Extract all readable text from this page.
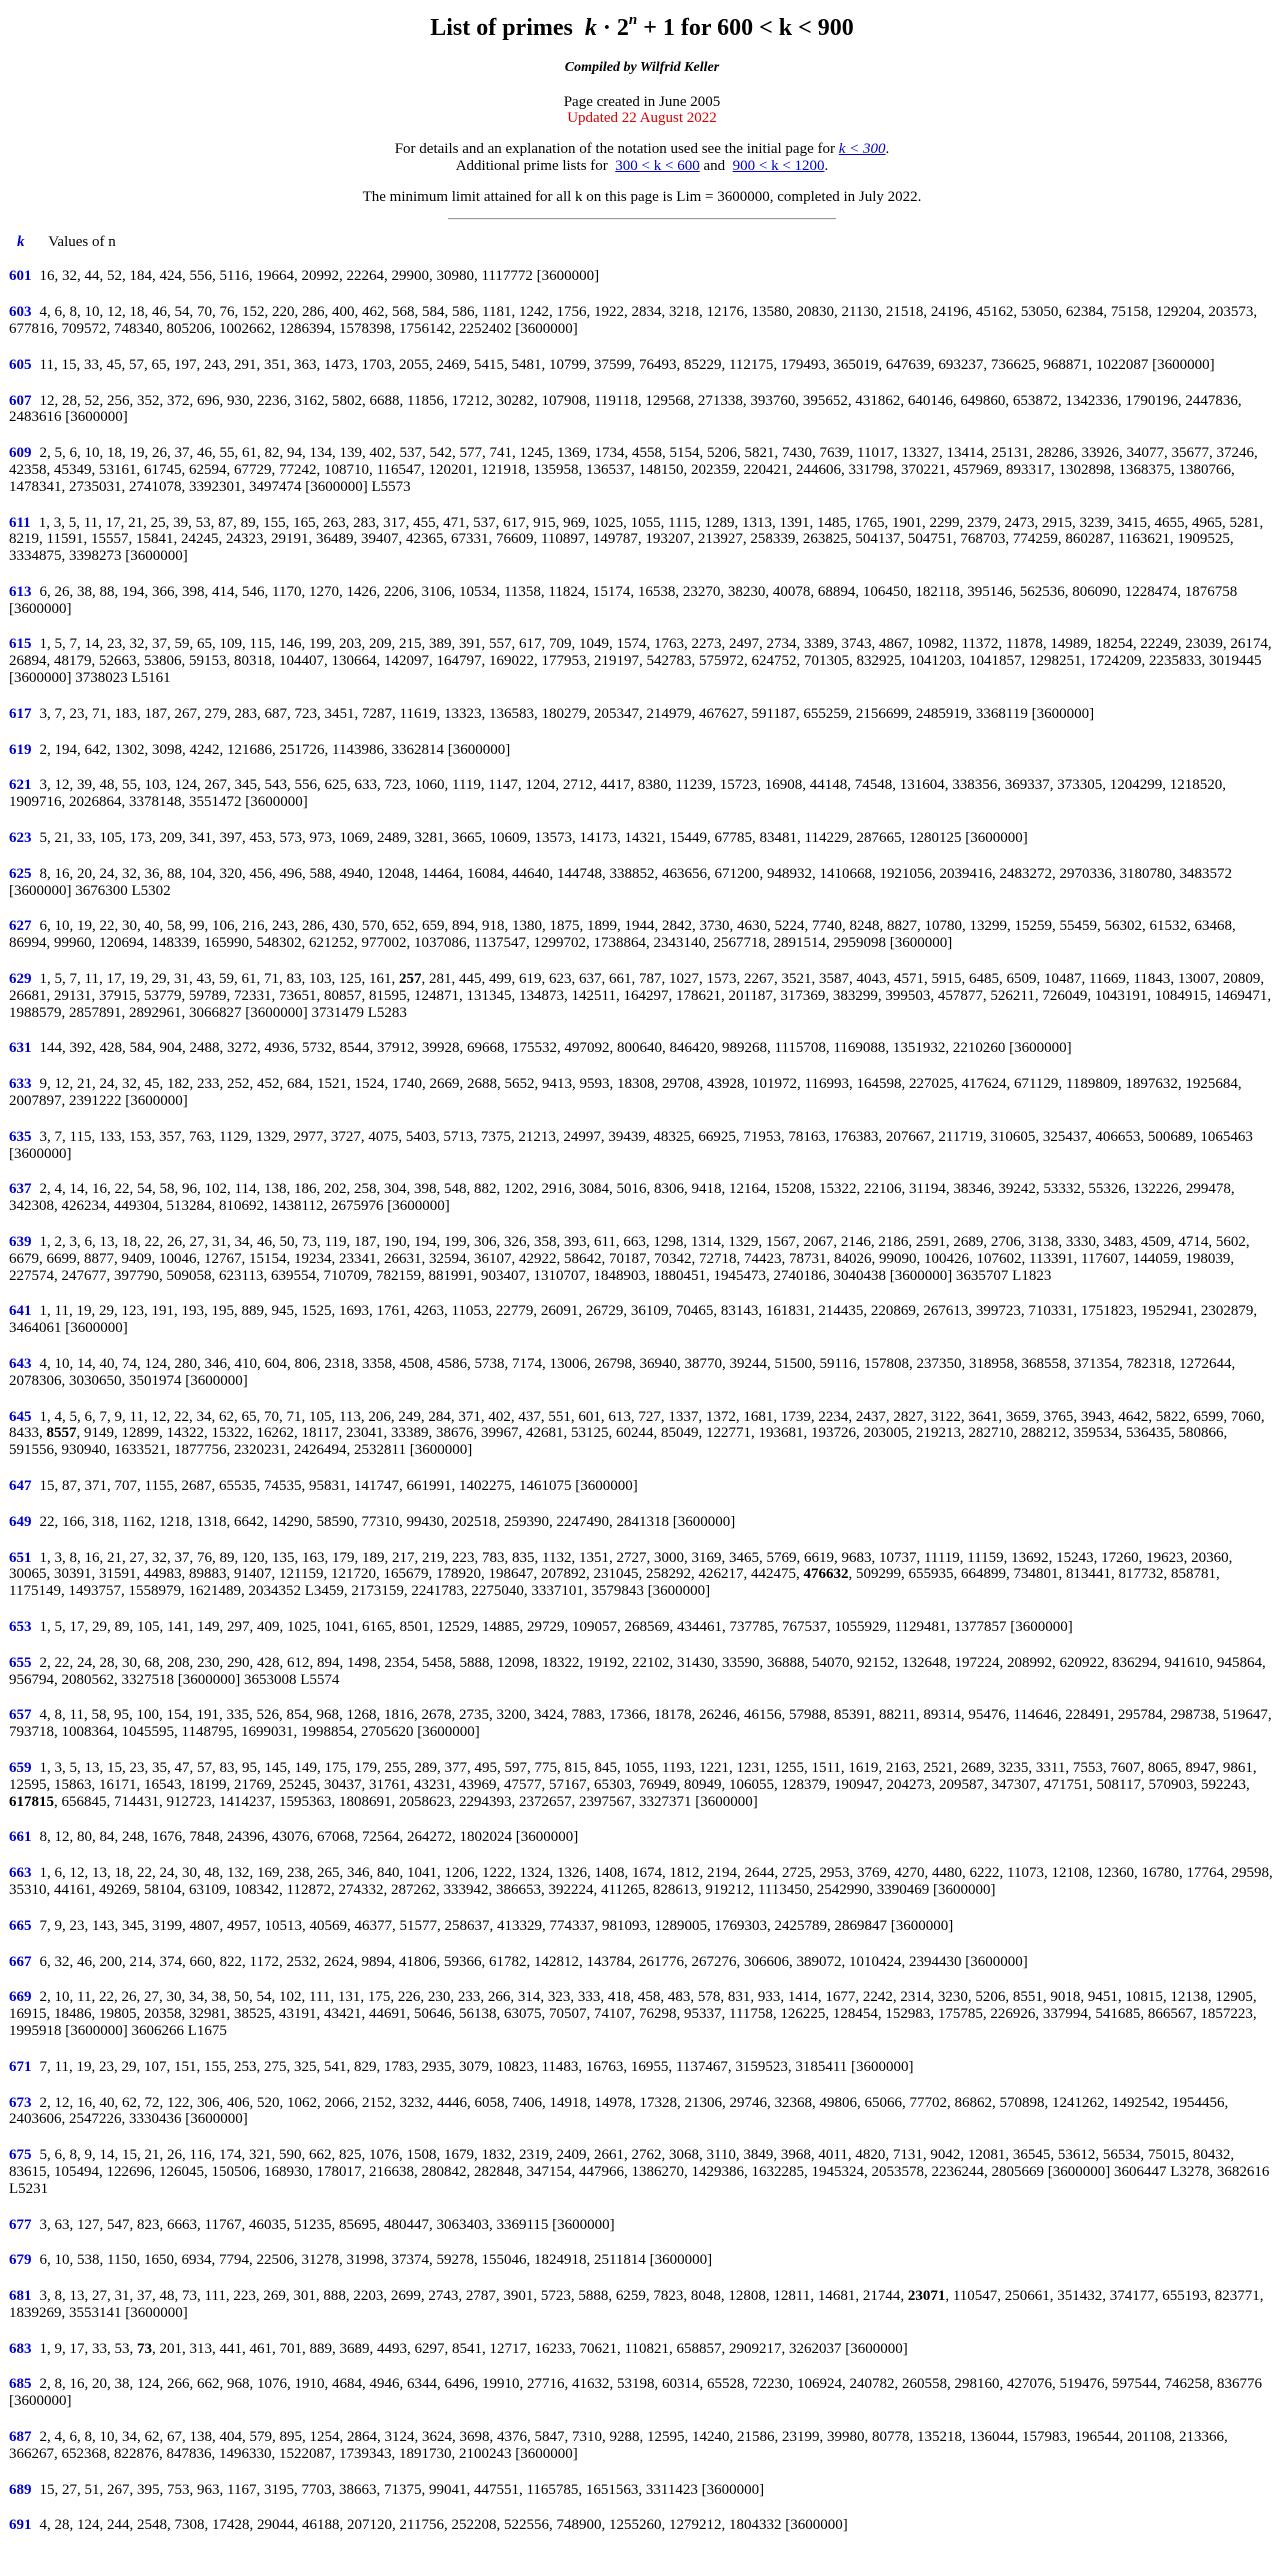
List of primes $k \cdot 2^n + 1$ for 600 < k < 900
Compiled by Wilfrid Keller
Page created in June 2005
Updated 22 August 2022
For details and an explanation of the notation used see the initial page for k < 300.
Additional prime lists for  300 < k < 600 and  900 < k < 1200.
The minimum limit attained for all k on this page is Lim = 3600000, completed in July 2022.
k Values of n
601 16, 32, 44, 52, 184, 424, 556, 5116, 19664, 20992, 22264, 29900, 30980, 1117772 [3600000]
603 4, 6, 8, 10, 12, 18, 46, 54, 70, 76, 152, 220, 286, 400, 462, 568, 584, 586, 1181, 1242, 1756, 1922, 2834, 3218, 12176, 13580, 20830, 21130, 21518, 24196, 45162, 53050, 62384, 75158, 129204, 203573, 677816, 709572, 748340, 805206, 1002662, 1286394, 1578398, 1756142, 2252402 [3600000]
605 11, 15, 33, 45, 57, 65, 197, 243, 291, 351, 363, 1473, 1703, 2055, 2469, 5415, 5481, 10799, 37599, 76493, 85229, 112175, 179493, 365019, 647639, 693237, 736625, 968871, 1022087 [3600000]
607 12, 28, 52, 256, 352, 372, 696, 930, 2236, 3162, 5802, 6688, 11856, 17212, 30282, 107908, 119118, 129568, 271338, 393760, 395652, 431862, 640146, 649860, 653872, 1342336, 1790196, 2447836, 2483616 [3600000]
609 2, 5, 6, 10, 18, 19, 26, 37, 46, 55, 61, 82, 94, 134, 139, 402, 537, 542, 577, 741, 1245, 1369, 1734, 4558, 5154, 5206, 5821, 7430, 7639, 11017, 13327, 13414, 25131, 28286, 33926, 34077, 35677, 37246, 42358, 45349, 53161, 61745, 62594, 67729, 77242, 108710, 116547, 120201, 121918, 135958, 136537, 148150, 202359, 220421, 244606, 331798, 370221, 457969, 893317, 1302898, 1368375, 1380766, 1478341, 2735031, 2741078, 3392301, 3497474 [3600000] L5573
611 1, 3, 5, 11, 17, 21, 25, 39, 53, 87, 89, 155, 165, 263, 283, 317, 455, 471, 537, 617, 915, 969, 1025, 1055, 1115, 1289, 1313, 1391, 1485, 1765, 1901, 2299, 2379, 2473, 2915, 3239, 3415, 4655, 4965, 5281, 8219, 11591, 15557, 15841, 24245, 24323, 29191, 36489, 39407, 42365, 67331, 76609, 110897, 149787, 193207, 213927, 258339, 263825, 504137, 504751, 768703, 774259, 860287, 1163621, 1909525, 3334875, 3398273 [3600000]
613 6, 26, 38, 88, 194, 366, 398, 414, 546, 1170, 1270, 1426, 2206, 3106, 10534, 11358, 11824, 15174, 16538, 23270, 38230, 40078, 68894, 106450, 182118, 395146, 562536, 806090, 1228474, 1876758 [3600000]
615 1, 5, 7, 14, 23, 32, 37, 59, 65, 109, 115, 146, 199, 203, 209, 215, 389, 391, 557, 617, 709, 1049, 1574, 1763, 2273, 2497, 2734, 3389, 3743, 4867, 10982, 11372, 11878, 14989, 18254, 22249, 23039, 26174, 26894, 48179, 52663, 53806, 59153, 80318, 104407, 130664, 142097, 164797, 169022, 177953, 219197, 542783, 575972, 624752, 701305, 832925, 1041203, 1041857, 1298251, 1724209, 2235833, 3019445 [3600000] 3738023 L5161
617 3, 7, 23, 71, 183, 187, 267, 279, 283, 687, 723, 3451, 7287, 11619, 13323, 136583, 180279, 205347, 214979, 467627, 591187, 655259, 2156699, 2485919, 3368119 [3600000]
619 2, 194, 642, 1302, 3098, 4242, 121686, 251726, 1143986, 3362814 [3600000]
621 3, 12, 39, 48, 55, 103, 124, 267, 345, 543, 556, 625, 633, 723, 1060, 1119, 1147, 1204, 2712, 4417, 8380, 11239, 15723, 16908, 44148, 74548, 131604, 338356, 369337, 373305, 1204299, 1218520, 1909716, 2026864, 3378148, 3551472 [3600000]
623 5, 21, 33, 105, 173, 209, 341, 397, 453, 573, 973, 1069, 2489, 3281, 3665, 10609, 13573, 14173, 14321, 15449, 67785, 83481, 114229, 287665, 1280125 [3600000]
625 8, 16, 20, 24, 32, 36, 88, 104, 320, 456, 496, 588, 4940, 12048, 14464, 16084, 44640, 144748, 338852, 463656, 671200, 948932, 1410668, 1921056, 2039416, 2483272, 2970336, 3180780, 3483572 [3600000] 3676300 L5302
627 6, 10, 19, 22, 30, 40, 58, 99, 106, 216, 243, 286, 430, 570, 652, 659, 894, 918, 1380, 1875, 1899, 1944, 2842, 3730, 4630, 5224, 7740, 8248, 8827, 10780, 13299, 15259, 55459, 56302, 61532, 63468, 86994, 99960, 120694, 148339, 165990, 548302, 621252, 977002, 1037086, 1137547, 1299702, 1738864, 2343140, 2567718, 2891514, 2959098 [3600000]
629 1, 5, 7, 11, 17, 19, 29, 31, 43, 59, 61, 71, 83, 103, 125, 161, 257, 281, 445, 499, 619, 623, 637, 661, 787, 1027, 1573, 2267, 3521, 3587, 4043, 4571, 5915, 6485, 6509, 10487, 11669, 11843, 13007, 20809, 26681, 29131, 37915, 53779, 59789, 72331, 73651, 80857, 81595, 124871, 131345, 134873, 142511, 164297, 178621, 201187, 317369, 383299, 399503, 457877, 526211, 726049, 1043191, 1084915, 1469471, 1988579, 2857891, 2892961, 3066827 [3600000] 3731479 L5283
631 144, 392, 428, 584, 904, 2488, 3272, 4936, 5732, 8544, 37912, 39928, 69668, 175532, 497092, 800640, 846420, 989268, 1115708, 1169088, 1351932, 2210260 [3600000]
633 9, 12, 21, 24, 32, 45, 182, 233, 252, 452, 684, 1521, 1524, 1740, 2669, 2688, 5652, 9413, 9593, 18308, 29708, 43928, 101972, 116993, 164598, 227025, 417624, 671129, 1189809, 1897632, 1925684, 2007897, 2391222 [3600000]
635 3, 7, 115, 133, 153, 357, 763, 1129, 1329, 2977, 3727, 4075, 5403, 5713, 7375, 21213, 24997, 39439, 48325, 66925, 71953, 78163, 176383, 207667, 211719, 310605, 325437, 406653, 500689, 1065463 [3600000]
637 2, 4, 14, 16, 22, 54, 58, 96, 102, 114, 138, 186, 202, 258, 304, 398, 548, 882, 1202, 2916, 3084, 5016, 8306, 9418, 12164, 15208, 15322, 22106, 31194, 38346, 39242, 53332, 55326, 132226, 299478, 342308, 426234, 449304, 513284, 810692, 1438112, 2675976 [3600000]
639 1, 2, 3, 6, 13, 18, 22, 26, 27, 31, 34, 46, 50, 73, 119, 187, 190, 194, 199, 306, 326, 358, 393, 611, 663, 1298, 1314, 1329, 1567, 2067, 2146, 2186, 2591, 2689, 2706, 3138, 3330, 3483, 4509, 4714, 5602, 6679, 6699, 8877, 9409, 10046, 12767, 15154, 19234, 23341, 26631, 32594, 36107, 42922, 58642, 70187, 70342, 72718, 74423, 78731, 84026, 99090, 100426, 107602, 113391, 117607, 144059, 198039, 227574, 247677, 397790, 509058, 623113, 639554, 710709, 782159, 881991, 903407, 1310707, 1848903, 1880451, 1945473, 2740186, 3040438 [3600000] 3635707 L1823
641 1, 11, 19, 29, 123, 191, 193, 195, 889, 945, 1525, 1693, 1761, 4263, 11053, 22779, 26091, 26729, 36109, 70465, 83143, 161831, 214435, 220869, 267613, 399723, 710331, 1751823, 1952941, 2302879, 3464061 [3600000]
643 4, 10, 14, 40, 74, 124, 280, 346, 410, 604, 806, 2318, 3358, 4508, 4586, 5738, 7174, 13006, 26798, 36940, 38770, 39244, 51500, 59116, 157808, 237350, 318958, 368558, 371354, 782318, 1272644, 2078306, 3030650, 3501974 [3600000]
645 1, 4, 5, 6, 7, 9, 11, 12, 22, 34, 62, 65, 70, 71, 105, 113, 206, 249, 284, 371, 402, 437, 551, 601, 613, 727, 1337, 1372, 1681, 1739, 2234, 2437, 2827, 3122, 3641, 3659, 3765, 3943, 4642, 5822, 6599, 7060, 8433, 8557, 9149, 12899, 14322, 15322, 16262, 18117, 23041, 33389, 38676, 39967, 42681, 53125, 60244, 85049, 122771, 193681, 193726, 203005, 219213, 282710, 288212, 359534, 536435, 580866, 591556, 930940, 1633521, 1877756, 2320231, 2426494, 2532811 [3600000]
647 15, 87, 371, 707, 1155, 2687, 65535, 74535, 95831, 141747, 661991, 1402275, 1461075 [3600000]
649 22, 166, 318, 1162, 1218, 1318, 6642, 14290, 58590, 77310, 99430, 202518, 259390, 2247490, 2841318 [3600000]
651 1, 3, 8, 16, 21, 27, 32, 37, 76, 89, 120, 135, 163, 179, 189, 217, 219, 223, 783, 835, 1132, 1351, 2727, 3000, 3169, 3465, 5769, 6619, 9683, 10737, 11119, 11159, 13692, 15243, 17260, 19623, 20360, 30065, 30391, 31591, 44983, 89883, 91407, 121159, 121720, 165679, 178920, 198647, 207892, 231045, 258292, 426217, 442475, 476632, 509299, 655935, 664899, 734801, 813441, 817732, 858781, 1175149, 1493757, 1558979, 1621489, 2034352 L3459, 2173159, 2241783, 2275040, 3337101, 3579843 [3600000]
653 1, 5, 17, 29, 89, 105, 141, 149, 297, 409, 1025, 1041, 6165, 8501, 12529, 14885, 29729, 109057, 268569, 434461, 737785, 767537, 1055929, 1129481, 1377857 [3600000]
655 2, 22, 24, 28, 30, 68, 208, 230, 290, 428, 612, 894, 1498, 2354, 5458, 5888, 12098, 18322, 19192, 22102, 31430, 33590, 36888, 54070, 92152, 132648, 197224, 208992, 620922, 836294, 941610, 945864, 956794, 2080562, 3327518 [3600000] 3653008 L5574
657 4, 8, 11, 58, 95, 100, 154, 191, 335, 526, 854, 968, 1268, 1816, 2678, 2735, 3200, 3424, 7883, 17366, 18178, 26246, 46156, 57988, 85391, 88211, 89314, 95476, 114646, 228491, 295784, 298738, 519647, 793718, 1008364, 1045595, 1148795, 1699031, 1998854, 2705620 [3600000]
659 1, 3, 5, 13, 15, 23, 35, 47, 57, 83, 95, 145, 149, 175, 179, 255, 289, 377, 495, 597, 775, 815, 845, 1055, 1193, 1221, 1231, 1255, 1511, 1619, 2163, 2521, 2689, 3235, 3311, 7553, 7607, 8065, 8947, 9861, 12595, 15863, 16171, 16543, 18199, 21769, 25245, 30437, 31761, 43231, 43969, 47577, 57167, 65303, 76949, 80949, 106055, 128379, 190947, 204273, 209587, 347307, 471751, 508117, 570903, 592243, 617815, 656845, 714431, 912723, 1414237, 1595363, 1808691, 2058623, 2294393, 2372657, 2397567, 3327371 [3600000]
661 8, 12, 80, 84, 248, 1676, 7848, 24396, 43076, 67068, 72564, 264272, 1802024 [3600000]
663 1, 6, 12, 13, 18, 22, 24, 30, 48, 132, 169, 238, 265, 346, 840, 1041, 1206, 1222, 1324, 1326, 1408, 1674, 1812, 2194, 2644, 2725, 2953, 3769, 4270, 4480, 6222, 11073, 12108, 12360, 16780, 17764, 29598, 35310, 44161, 49269, 58104, 63109, 108342, 112872, 274332, 287262, 333942, 386653, 392224, 411265, 828613, 919212, 1113450, 2542990, 3390469 [3600000]
665 7, 9, 23, 143, 345, 3199, 4807, 4957, 10513, 40569, 46377, 51577, 258637, 413329, 774337, 981093, 1289005, 1769303, 2425789, 2869847 [3600000]
667 6, 32, 46, 200, 214, 374, 660, 822, 1172, 2532, 2624, 9894, 41806, 59366, 61782, 142812, 143784, 261776, 267276, 306606, 389072, 1010424, 2394430 [3600000]
669 2, 10, 11, 22, 26, 27, 30, 34, 38, 50, 54, 102, 111, 131, 175, 226, 230, 233, 266, 314, 323, 333, 418, 458, 483, 578, 831, 933, 1414, 1677, 2242, 2314, 3230, 5206, 8551, 9018, 9451, 10815, 12138, 12905, 16915, 18486, 19805, 20358, 32981, 38525, 43191, 43421, 44691, 50646, 56138, 63075, 70507, 74107, 76298, 95337, 111758, 126225, 128454, 152983, 175785, 226926, 337994, 541685, 866567, 1857223, 1995918 [3600000] 3606266 L1675
671 7, 11, 19, 23, 29, 107, 151, 155, 253, 275, 325, 541, 829, 1783, 2935, 3079, 10823, 11483, 16763, 16955, 1137467, 3159523, 3185411 [3600000]
673 2, 12, 16, 40, 62, 72, 122, 306, 406, 520, 1062, 2066, 2152, 3232, 4446, 6058, 7406, 14918, 14978, 17328, 21306, 29746, 32368, 49806, 65066, 77702, 86862, 570898, 1241262, 1492542, 1954456, 2403606, 2547226, 3330436 [3600000]
675 5, 6, 8, 9, 14, 15, 21, 26, 116, 174, 321, 590, 662, 825, 1076, 1508, 1679, 1832, 2319, 2409, 2661, 2762, 3068, 3110, 3849, 3968, 4011, 4820, 7131, 9042, 12081, 36545, 53612, 56534, 75015, 80432, 83615, 105494, 122696, 126045, 150506, 168930, 178017, 216638, 280842, 282848, 347154, 447966, 1386270, 1429386, 1632285, 1945324, 2053578, 2236244, 2805669 [3600000] 3606447 L3278, 3682616 L5231
677 3, 63, 127, 547, 823, 6663, 11767, 46035, 51235, 85695, 480447, 3063403, 3369115 [3600000]
679 6, 10, 538, 1150, 1650, 6934, 7794, 22506, 31278, 31998, 37374, 59278, 155046, 1824918, 2511814 [3600000]
681 3, 8, 13, 27, 31, 37, 48, 73, 111, 223, 269, 301, 888, 2203, 2699, 2743, 2787, 3901, 5723, 5888, 6259, 7823, 8048, 12808, 12811, 14681, 21744, 23071, 110547, 250661, 351432, 374177, 655193, 823771, 1839269, 3553141 [3600000]
683 1, 9, 17, 33, 53, 73, 201, 313, 441, 461, 701, 889, 3689, 4493, 6297, 8541, 12717, 16233, 70621, 110821, 658857, 2909217, 3262037 [3600000]
685 2, 8, 16, 20, 38, 124, 266, 662, 968, 1076, 1910, 4684, 4946, 6344, 6496, 19910, 27716, 41632, 53198, 60314, 65528, 72230, 106924, 240782, 260558, 298160, 427076, 519476, 597544, 746258, 836776 [3600000]
687 2, 4, 6, 8, 10, 34, 62, 67, 138, 404, 579, 895, 1254, 2864, 3124, 3624, 3698, 4376, 5847, 7310, 9288, 12595, 14240, 21586, 23199, 39980, 80778, 135218, 136044, 157983, 196544, 201108, 213366, 366267, 652368, 822876, 847836, 1496330, 1522087, 1739343, 1891730, 2100243 [3600000]
689 15, 27, 51, 267, 395, 753, 963, 1167, 3195, 7703, 38663, 71375, 99041, 447551, 1165785, 1651563, 3311423 [3600000]
691 4, 28, 124, 244, 2548, 7308, 17428, 29044, 46188, 207120, 211756, 252208, 522556, 748900, 1255260, 1279212, 1804332 [3600000]
